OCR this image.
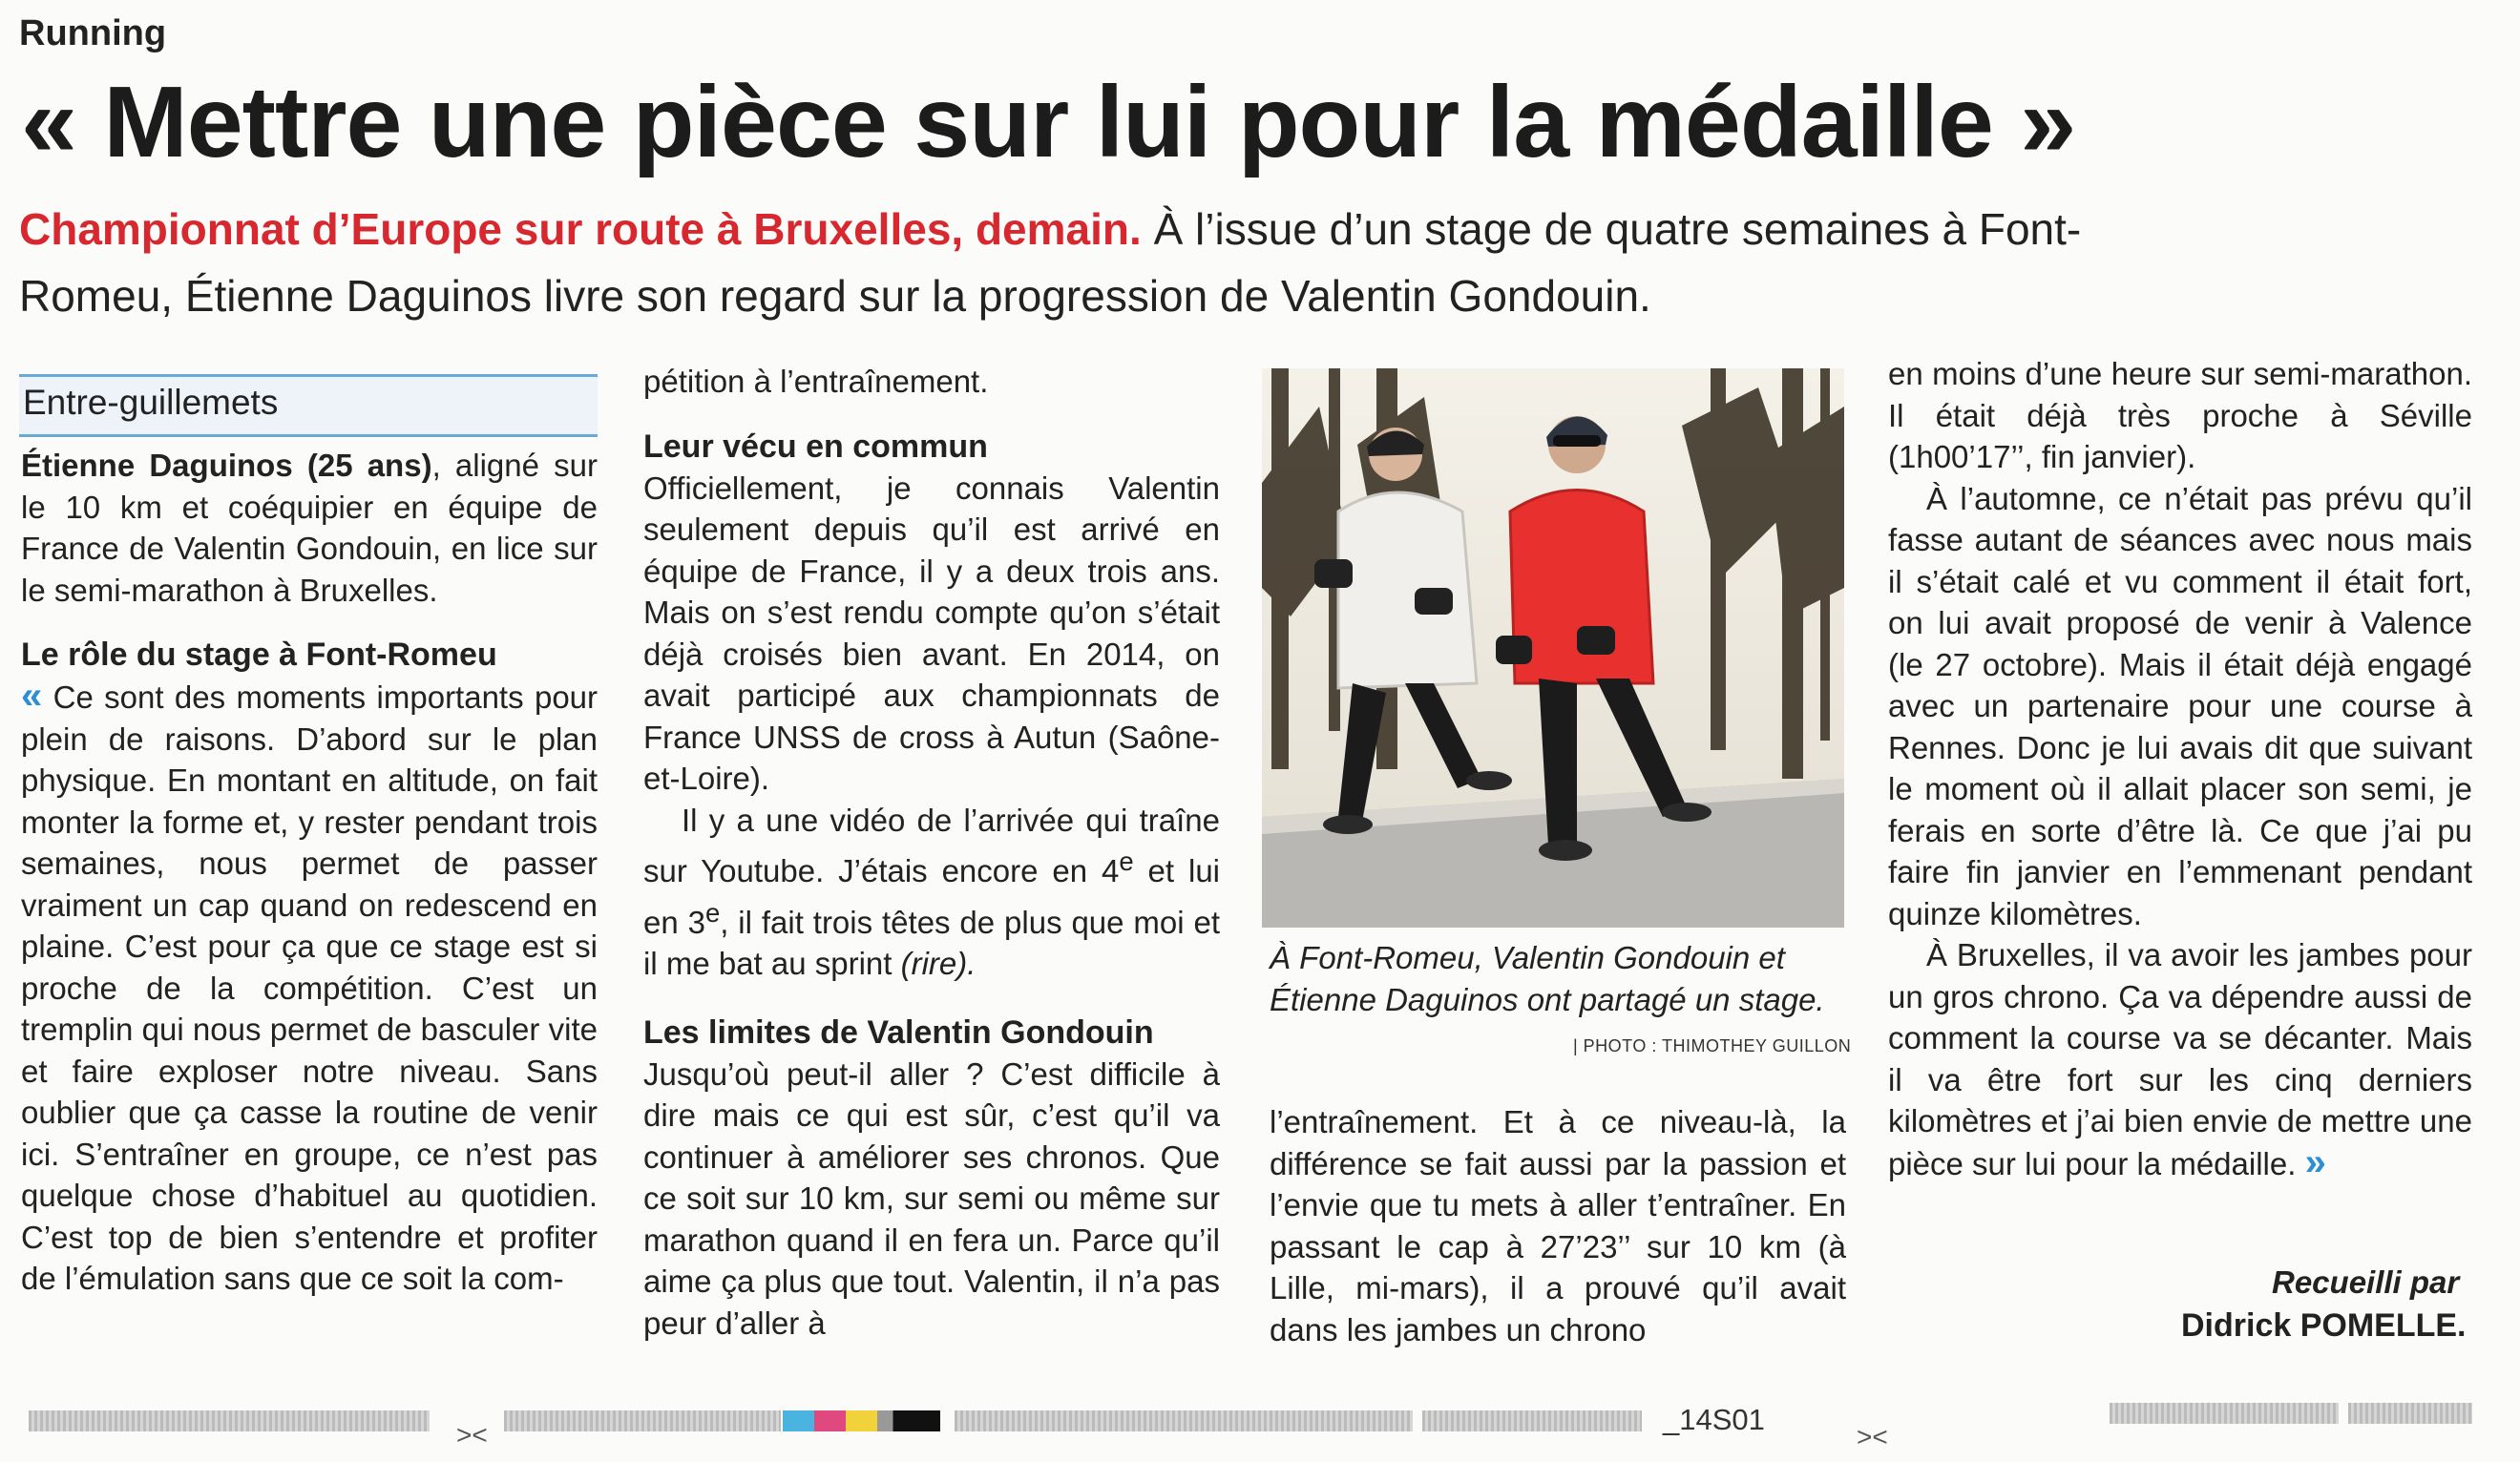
Running
« Mettre une pièce sur lui pour la médaille »
Championnat d’Europe sur route à Bruxelles, demain. À l’issue d’un stage de quatre semaines à Font-Romeu, Étienne Daguinos livre son regard sur la progression de Valentin Gondouin.
Entre-guillemets

Étienne Daguinos (25 ans), aligné sur le 10 km et coéquipier en équipe de France de Valentin Gondouin, en lice sur le semi-marathon à Bruxelles.

Le rôle du stage à Font-Romeu

« Ce sont des moments importants pour plein de raisons. D’abord sur le plan physique. En montant en altitude, on fait monter la forme et, y rester pendant trois semaines, nous permet de passer vraiment un cap quand on redescend en plaine. C’est pour ça que ce stage est si proche de la compétition. C’est un tremplin qui nous permet de basculer vite et faire exploser notre niveau. Sans oublier que ça casse la routine de venir ici. S’entraîner en groupe, ce n’est pas quelque chose d’habituel au quotidien. C’est top de bien s’entendre et profiter de l’émulation sans que ce soit la com-

pétition à l’entraînement.

Leur vécu en commun

Officiellement, je connais Valentin seulement depuis qu’il est arrivé en équipe de France, il y a deux trois ans. Mais on s’est rendu compte qu’on s’était déjà croisés bien avant. En 2014, on avait participé aux championnats de France UNSS de cross à Autun (Saône-et-Loire).

Il y a une vidéo de l’arrivée qui traîne sur Youtube. J’étais encore en 4e et lui en 3e, il fait trois têtes de plus que moi et il me bat au sprint (rire).

Les limites de Valentin Gondouin

Jusqu’où peut-il aller ? C’est difficile à dire mais ce qui est sûr, c’est qu’il va continuer à améliorer ses chronos. Que ce soit sur 10 km, sur semi ou même sur marathon quand il en fera un. Parce qu’il aime ça plus que tout. Valentin, il n’a pas peur d’aller à

À Font-Romeu, Valentin Gondouin et Étienne Daguinos ont partagé un stage.
| PHOTO : THIMOTHEY GUILLON

l’entraînement. Et à ce niveau-là, la différence se fait aussi par la passion et l’envie que tu mets à aller t’entraîner. En passant le cap à 27’23’’ sur 10 km (à Lille, mi-mars), il a prouvé qu’il avait dans les jambes un chrono

en moins d’une heure sur semi-marathon. Il était déjà très proche à Séville (1h00’17’’, fin janvier).

À l’automne, ce n’était pas prévu qu’il fasse autant de séances avec nous mais il s’était calé et vu comment il était fort, on lui avait proposé de venir à Valence (le 27 octobre). Mais il était déjà engagé avec un partenaire pour une course à Rennes. Donc je lui avais dit que suivant le moment où il allait placer son semi, je ferais en sorte d’être là. Ce que j’ai pu faire fin janvier en l’emmenant pendant quinze kilomètres.

À Bruxelles, il va avoir les jambes pour un gros chrono. Ça va dépendre aussi de comment la course va se décanter. Mais il va être fort sur les cinq derniers kilomètres et j’ai bien envie de mettre une pièce sur lui pour la médaille. »

Recueilli par
Didrick POMELLE.
><	_14S01
><
